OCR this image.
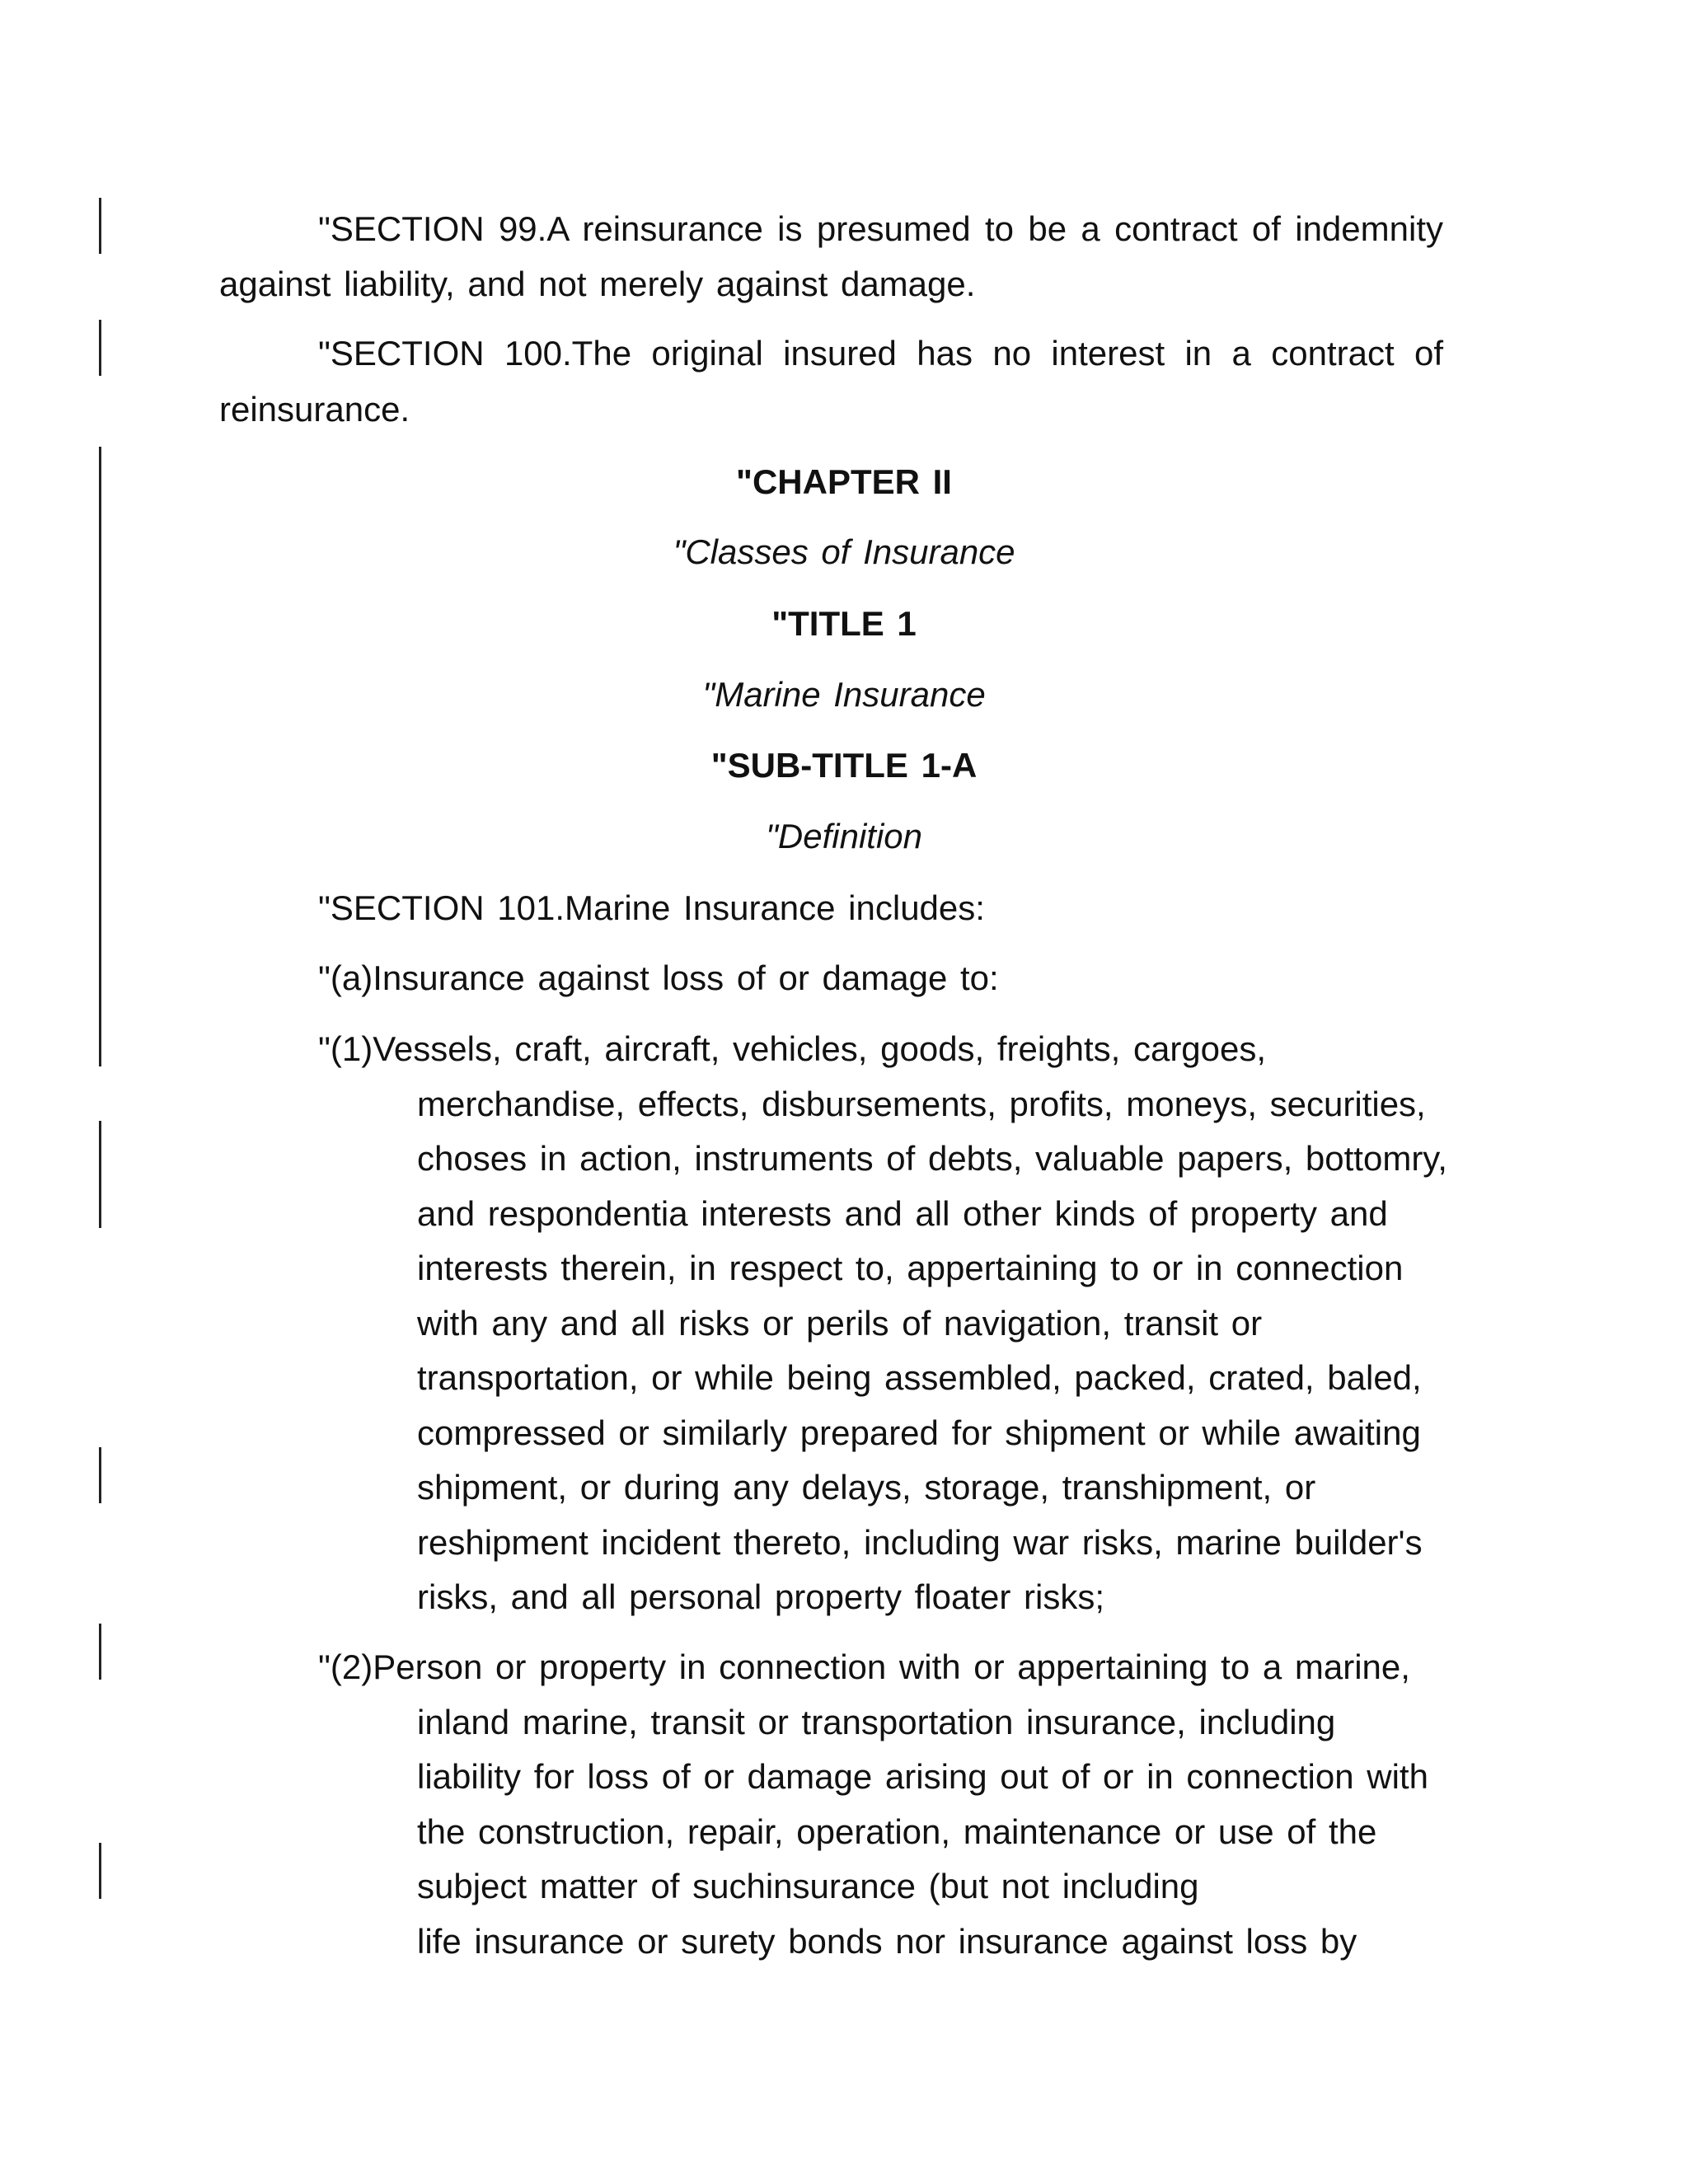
"SECTION 99.A reinsurance is presumed to be a contract of indemnity
against liability, and not merely against damage.
"SECTION 100.The original insured has no interest in a contract of
reinsurance.
"CHAPTER II
"Classes of Insurance
"TITLE 1
"Marine Insurance
"SUB-TITLE 1-A
"Definition
"SECTION 101.Marine Insurance includes:
"(a)Insurance against loss of or damage to:
"(1)Vessels, craft, aircraft, vehicles, goods, freights, cargoes,
merchandise, effects, disbursements, profits, moneys, securities,
choses in action, instruments of debts, valuable papers, bottomry,
and respondentia interests and all other kinds of property and
interests therein, in respect to, appertaining to or in connection
with any and all risks or perils of navigation, transit or
transportation, or while being assembled, packed, crated, baled,
compressed or similarly prepared for shipment or while awaiting
shipment, or during any delays, storage, transhipment, or
reshipment incident thereto, including war risks, marine builder's
risks, and all personal property floater risks;
"(2)Person or property in connection with or appertaining to a marine,
inland marine, transit or transportation insurance, including
liability for loss of or damage arising out of or in connection with
the construction, repair, operation, maintenance or use of the
subject matter of suchinsurance (but not including
life insurance or surety bonds nor insurance against loss by
